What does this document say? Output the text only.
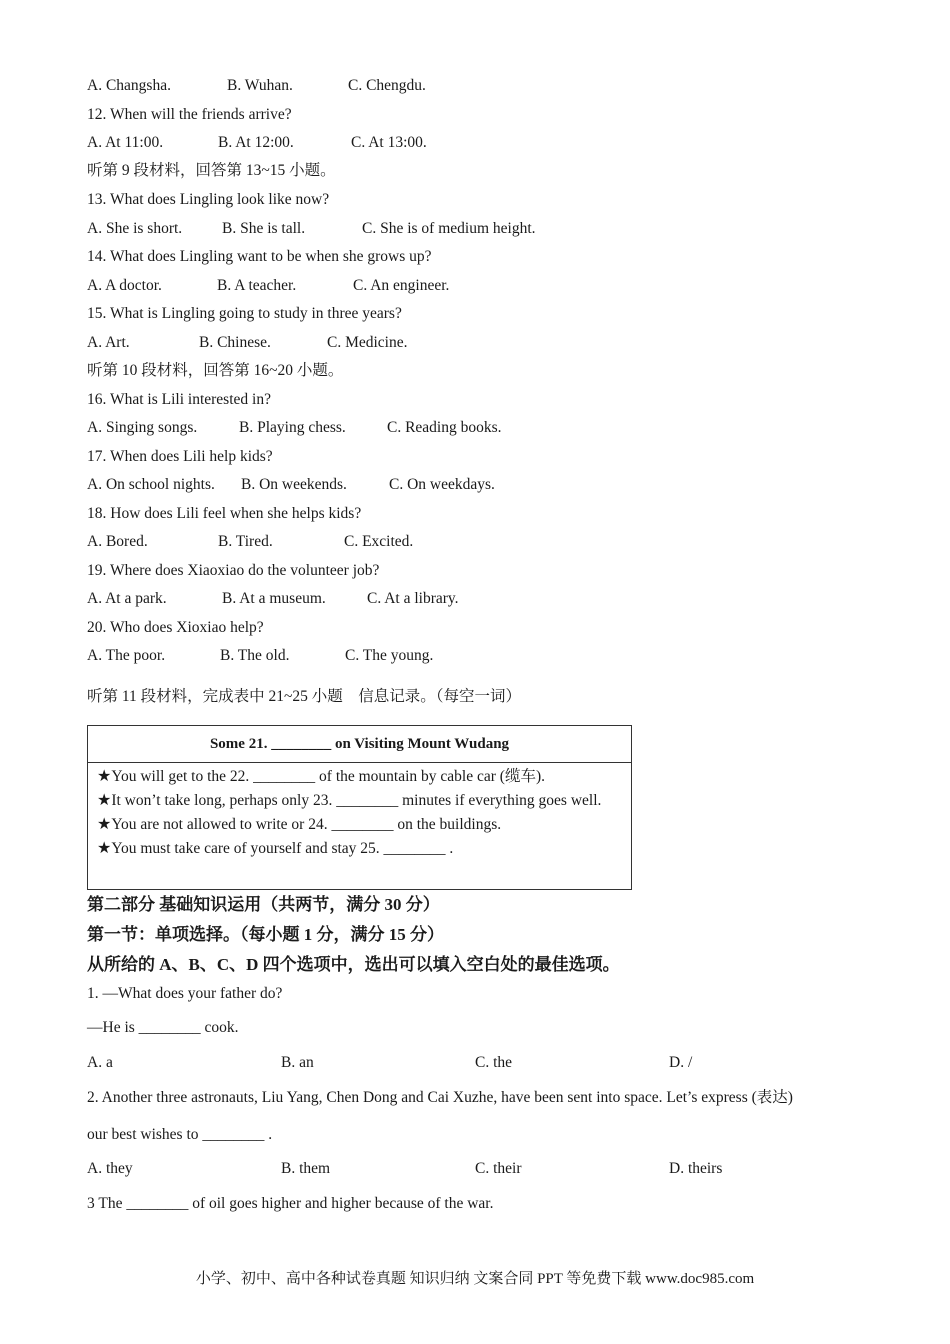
A. Changsha.	B. Wuhan.	C. Chengdu.
12. When will the friends arrive?
A. At 11:00.	B. At 12:00.	C. At 13:00.
听第 9 段材料，回答第 13~15 小题。
13. What does Lingling look like now?
A. She is short.	B. She is tall.	C. She is of medium height.
14. What does Lingling want to be when she grows up?
A. A doctor.	B. A teacher.	C. An engineer.
15. What is Lingling going to study in three years?
A. Art.	B. Chinese.	C. Medicine.
听第 10 段材料，回答第 16~20 小题。
16. What is Lili interested in?
A. Singing songs.	B. Playing chess.	C. Reading books.
17. When does Lili help kids?
A. On school nights. B. On weekends.	C. On weekdays.
18. How does Lili feel when she helps kids?
A. Bored.	B. Tired.	C. Excited.
19. Where does Xiaoxiao do the volunteer job?
A. At a park.	B. At a museum.	C. At a library.
20. Who does Xioxiao help?
A. The poor.	B. The old.	C. The young.
听第 11 段材料，完成表中 21~25 小题　信息记录。（每空一词）
1. —What does your father do?
—He is ________ cook.
A. a	B. an	C. the	D. /
2. Another three astronauts, Liu Yang, Chen Dong and Cai Xuzhe, have been sent into space. Let’s express (表达)
our best wishes to ________ .
A. they	B. them	C. their	D. theirs
3 The ________ of oil goes higher and higher because of the war.
Some 21. ________ on Visiting Mount Wudang
★You will get to the 22. ________ of the mountain by cable car (缆车).
★It won’t take long, perhaps only 23. ________ minutes if everything goes well.
★You are not allowed to write or 24. ________ on the buildings.
★You must take care of yourself and stay 25. ________ .
第二部分 基础知识运用（共两节，满分 30 分）
第一节：单项选择。（每小题 1 分，满分 15 分）
从所给的 A、B、C、D 四个选项中，选出可以填入空白处的最佳选项。
小学、初中、高中各种试卷真题 知识归纳 文案合同 PPT 等免费下载 www.doc985.com
